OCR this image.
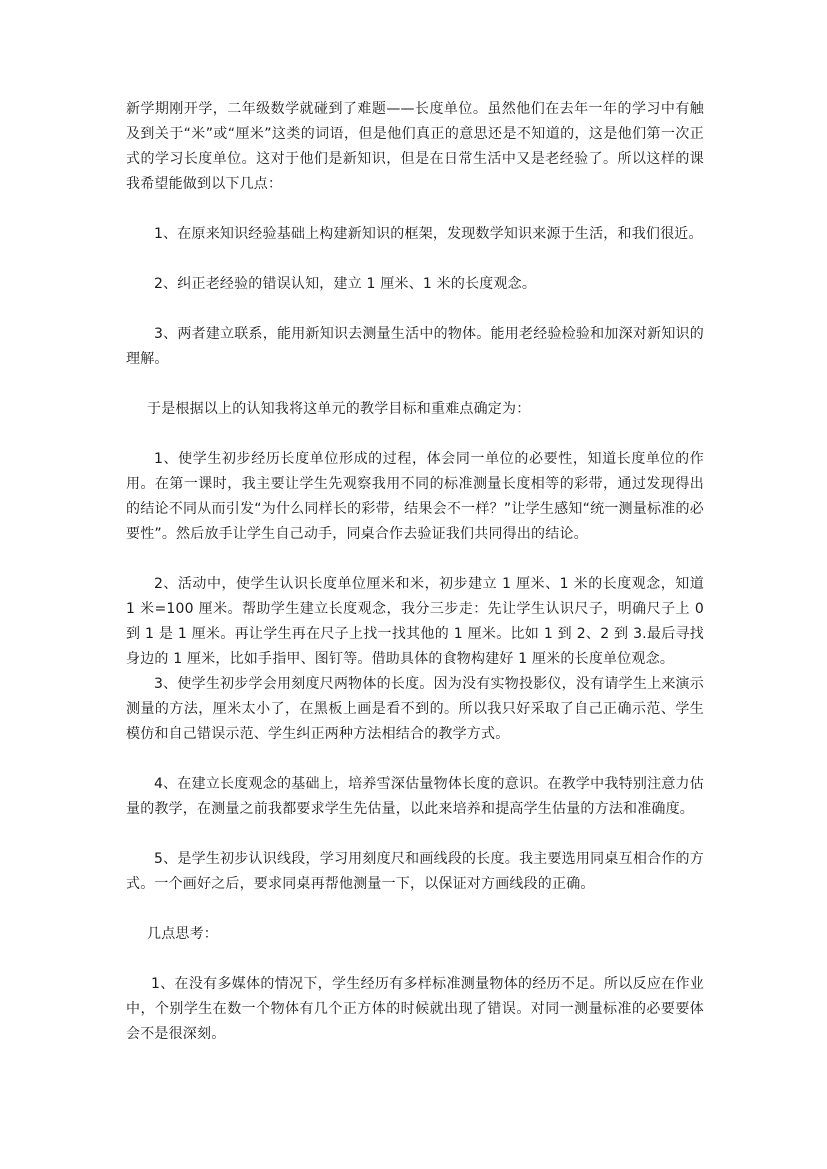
新学期刚开学，二年级数学就碰到了难题——长度单位。虽然他们在去年一年的学习中有触及到关于“米”或“厘米”这类的词语，但是他们真正的意思还是不知道的，这是他们第一次正式的学习长度单位。这对于他们是新知识，但是在日常生活中又是老经验了。所以这样的课我希望能做到以下几点：

1、在原来知识经验基础上构建新知识的框架，发现数学知识来源于生活，和我们很近。

2、纠正老经验的错误认知，建立 1 厘米、1 米的长度观念。

3、两者建立联系，能用新知识去测量生活中的物体。能用老经验检验和加深对新知识的理解。

于是根据以上的认知我将这单元的教学目标和重难点确定为：

1、使学生初步经历长度单位形成的过程，体会同一单位的必要性，知道长度单位的作用。在第一课时，我主要让学生先观察我用不同的标准测量长度相等的彩带，通过发现得出的结论不同从而引发“为什么同样长的彩带，结果会不一样？”让学生感知“统一测量标准的必要性”。然后放手让学生自己动手，同桌合作去验证我们共同得出的结论。

2、活动中，使学生认识长度单位厘米和米，初步建立 1 厘米、1 米的长度观念，知道 1 米=100 厘米。帮助学生建立长度观念，我分三步走：先让学生认识尺子，明确尺子上 0 到 1 是 1 厘米。再让学生再在尺子上找一找其他的 1 厘米。比如 1 到 2、2 到 3.最后寻找身边的 1 厘米，比如手指甲、图钉等。借助具体的食物构建好 1 厘米的长度单位观念。

3、使学生初步学会用刻度尺两物体的长度。因为没有实物投影仪，没有请学生上来演示测量的方法，厘米太小了，在黑板上画是看不到的。所以我只好采取了自己正确示范、学生模仿和自己错误示范、学生纠正两种方法相结合的教学方式。

4、在建立长度观念的基础上，培养雪深估量物体长度的意识。在教学中我特别注意力估量的教学，在测量之前我都要求学生先估量，以此来培养和提高学生估量的方法和准确度。

5、是学生初步认识线段，学习用刻度尺和画线段的长度。我主要选用同桌互相合作的方式。一个画好之后，要求同桌再帮他测量一下，以保证对方画线段的正确。

几点思考：

1、在没有多媒体的情况下，学生经历有多样标准测量物体的经历不足。所以反应在作业中，个别学生在数一个物体有几个正方体的时候就出现了错误。对同一测量标准的必要要体会不是很深刻。
